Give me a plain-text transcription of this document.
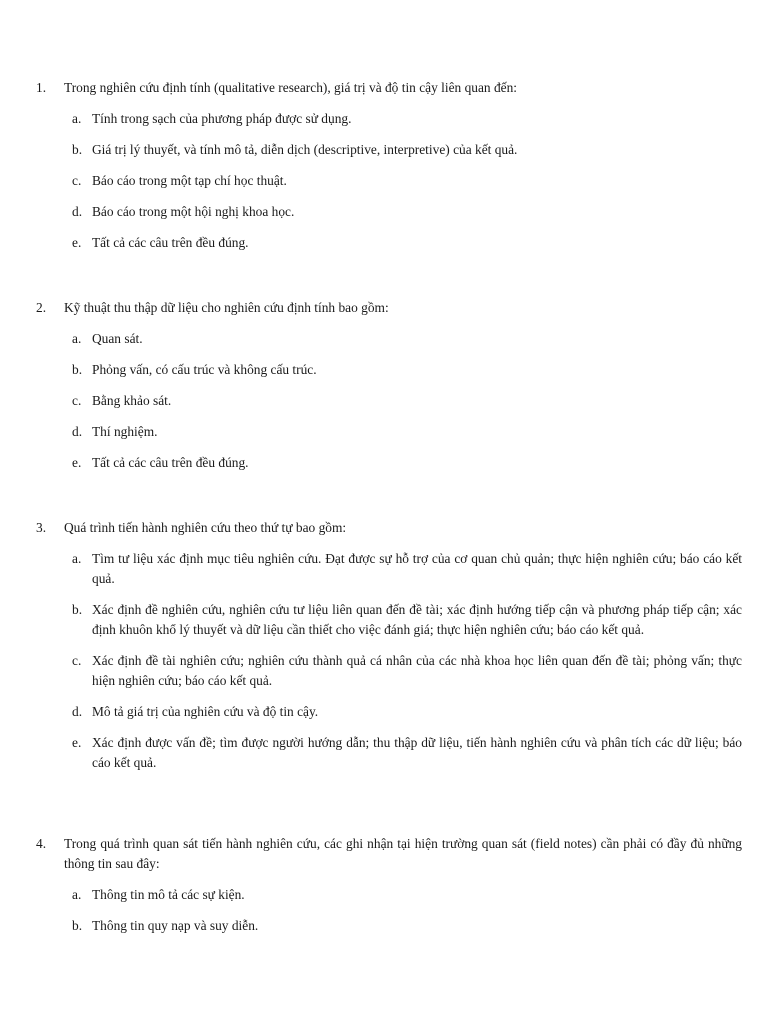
1. Trong nghiên cứu định tính (qualitative research), giá trị và độ tin cậy liên quan đến:
a. Tính trong sạch của phương pháp được sử dụng.
b. Giá trị lý thuyết, và tính mô tả, diễn dịch (descriptive, interpretive) của kết quả.
c. Báo cáo trong một tạp chí học thuật.
d. Báo cáo trong một hội nghị khoa học.
e. Tất cả các câu trên đều đúng.
2. Kỹ thuật thu thập dữ liệu cho nghiên cứu định tính bao gồm:
a. Quan sát.
b. Phỏng vấn, có cấu trúc và không cấu trúc.
c. Bằng khảo sát.
d. Thí nghiệm.
e. Tất cả các câu trên đều đúng.
3. Quá trình tiến hành nghiên cứu theo thứ tự bao gồm:
a. Tìm tư liệu xác định mục tiêu nghiên cứu. Đạt được sự hỗ trợ của cơ quan chủ quản; thực hiện nghiên cứu; báo cáo kết quả.
b. Xác định đề nghiên cứu, nghiên cứu tư liệu liên quan đến đề tài; xác định hướng tiếp cận và phương pháp tiếp cận; xác định khuôn khổ lý thuyết và dữ liệu cần thiết cho việc đánh giá; thực hiện nghiên cứu; báo cáo kết quả.
c. Xác định đề tài nghiên cứu; nghiên cứu thành quả cá nhân của các nhà khoa học liên quan đến đề tài; phỏng vấn; thực hiện nghiên cứu; báo cáo kết quả.
d. Mô tả giá trị của nghiên cứu và độ tin cậy.
e. Xác định được vấn đề; tìm được người hướng dẫn; thu thập dữ liệu, tiến hành nghiên cứu và phân tích các dữ liệu; báo cáo kết quả.
4. Trong quá trình quan sát tiến hành nghiên cứu, các ghi nhận tại hiện trường quan sát (field notes) cần phải có đầy đủ những thông tin sau đây:
a. Thông tin mô tả các sự kiện.
b. Thông tin quy nạp và suy diễn.
